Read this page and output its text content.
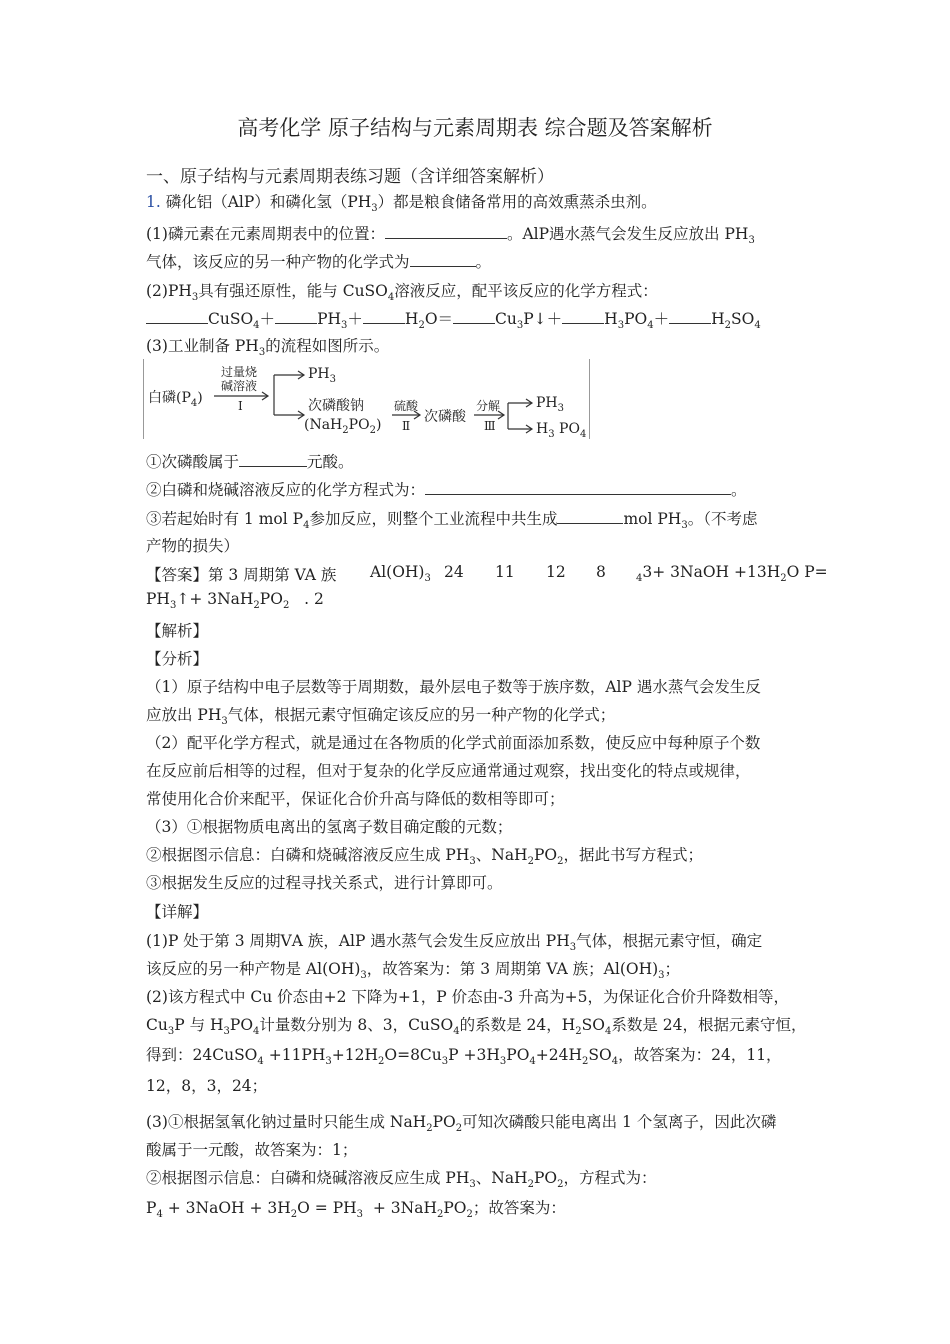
高考化学 原子结构与元素周期表 综合题及答案解析
一、原子结构与元素周期表练习题（含详细答案解析）
1. 磷化铝（AlP）和磷化氢$(PH_3)$都是粮食储备常用的高效熏蒸杀虫剂。
(1)磷元素在元素周期表中的位置：	。AlP遇水蒸气会发生反应放出 $PH_3$
气体，该反应的另一种产物的化学式为	。
$(2)PH_3$具有强还原性，能与 CuSO$_4$溶液反应，配平该反应的化学方程式：
CuSO$_4$＋	$PH_3+$	$H_2O=$	$Cu_3P↓+$	$H_3PO_4+$	$H_2SO_4$
(3)工业制备 $PH_3$的流程如图所示。
白磷$(P_4)$
过量烧
碱溶液
Ⅰ
$PH_3$
次磷酸钠
$(NaH_2PO_2)$
硫酸
Ⅱ
次磷酸
分解
Ⅲ
$PH_3$
$H_3$ $PO_4$
①次磷酸属于	元酸。
②白磷和烧碱溶液反应的化学方程式为：	。
③若起始时有 1 mol $P_4$参加反应，则整个工业流程中共生成	mol $PH_3$。（不考虑
产物的损失）
【答案】第 3 周期第 VA 族 $Al(OH)_3$ 24 11 12 8	$_4$3+ 3NaOH $+13H_2O$ P=
$PH_3↑+ 3NaH_2PO_2$ . 2
【解析】
【分析】
（1）原子结构中电子层数等于周期数，最外层电子数等于族序数，AlP 遇水蒸气会发生反
应放出 $PH_3$气体，根据元素守恒确定该反应的另一种产物的化学式；
（2）配平化学方程式，就是通过在各物质的化学式前面添加系数，使反应中每种原子个数
在反应前后相等的过程，但对于复杂的化学反应通常通过观察，找出变化的特点或规律，
常使用化合价来配平，保证化合价升高与降低的数相等即可；
（3）①根据物质电离出的氢离子数目确定酸的元数；
②根据图示信息：白磷和烧碱溶液反应生成 $PH_3$、$NaH_2PO_2$，据此书写方程式；
③根据发生反应的过程寻找关系式，进行计算即可。
【详解】
(1)P 处于第 3 周期ⅤA 族，AlP 遇水蒸气会发生反应放出 $PH_3$气体，根据元素守恒，确定
该反应的另一种产物是 $Al(OH)_3$，故答案为：第 3 周期第 VA 族；$Al(OH)_3$；
(2)该方程式中 Cu 价态由+2 下降为+1，P 价态由-3 升高为+5，为保证化合价升降数相等，
$Cu_3P$ 与 $H_3PO_4$计量数分别为 8、3，CuSO$_4$的系数是 24，$H_2SO_4$系数是 24，根据元素守恒，
得到：24CuSO$_4$ $+11PH_3+12H_2O=8Cu_3P +3H_3PO_4+24H_2SO_4$，故答案为：24，11，
12，8，3，24；
(3)①根据氢氧化钠过量时只能生成 $NaH_2PO_2$可知次磷酸只能电离出 1 个氢离子，因此次磷
酸属于一元酸，故答案为：1；
②根据图示信息：白磷和烧碱溶液反应生成 $PH_3$、$NaH_2PO_2$，方程式为：
$P_4$ + 3NaOH + $3H_2O = PH_3 + 3NaH_2PO_2$；故答案为：
